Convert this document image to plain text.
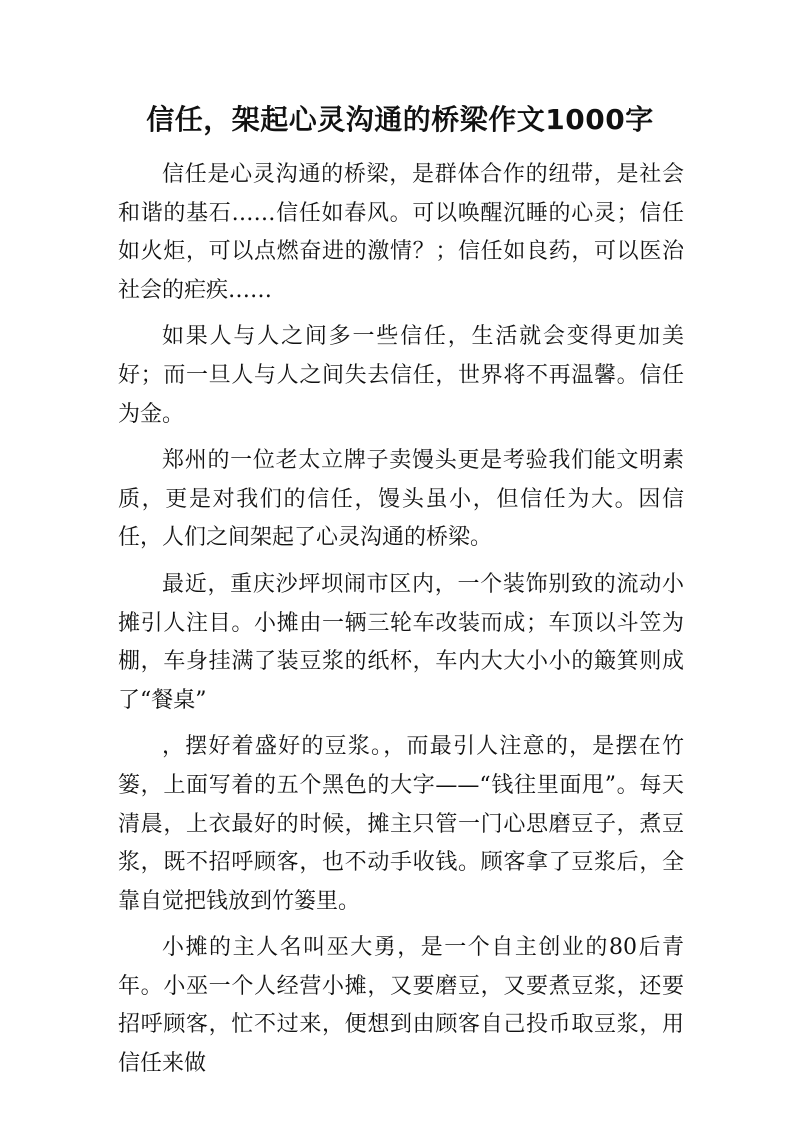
信任，架起心灵沟通的桥梁作文1000字

信任是心灵沟通的桥梁，是群体合作的纽带，是社会和谐的基石……信任如春风。可以唤醒沉睡的心灵；信任如火炬，可以点燃奋进的激情？；信任如良药，可以医治社会的疟疾……

如果人与人之间多一些信任，生活就会变得更加美好；而一旦人与人之间失去信任，世界将不再温馨。信任为金。

郑州的一位老太立牌子卖馒头更是考验我们能文明素质，更是对我们的信任，馒头虽小，但信任为大。因信任，人们之间架起了心灵沟通的桥梁。

最近，重庆沙坪坝闹市区内，一个装饰别致的流动小摊引人注目。小摊由一辆三轮车改装而成；车顶以斗笠为棚，车身挂满了装豆浆的纸杯，车内大大小小的簸箕则成了“餐桌”

，摆好着盛好的豆浆。，而最引人注意的，是摆在竹篓，上面写着的五个黑色的大字——“钱往里面甩”。每天清晨，上衣最好的时候，摊主只管一门心思磨豆子，煮豆浆，既不招呼顾客，也不动手收钱。顾客拿了豆浆后，全靠自觉把钱放到竹篓里。

小摊的主人名叫巫大勇，是一个自主创业的80后青年。小巫一个人经营小摊，又要磨豆，又要煮豆浆，还要招呼顾客，忙不过来，便想到由顾客自己投币取豆浆，用信任来做
